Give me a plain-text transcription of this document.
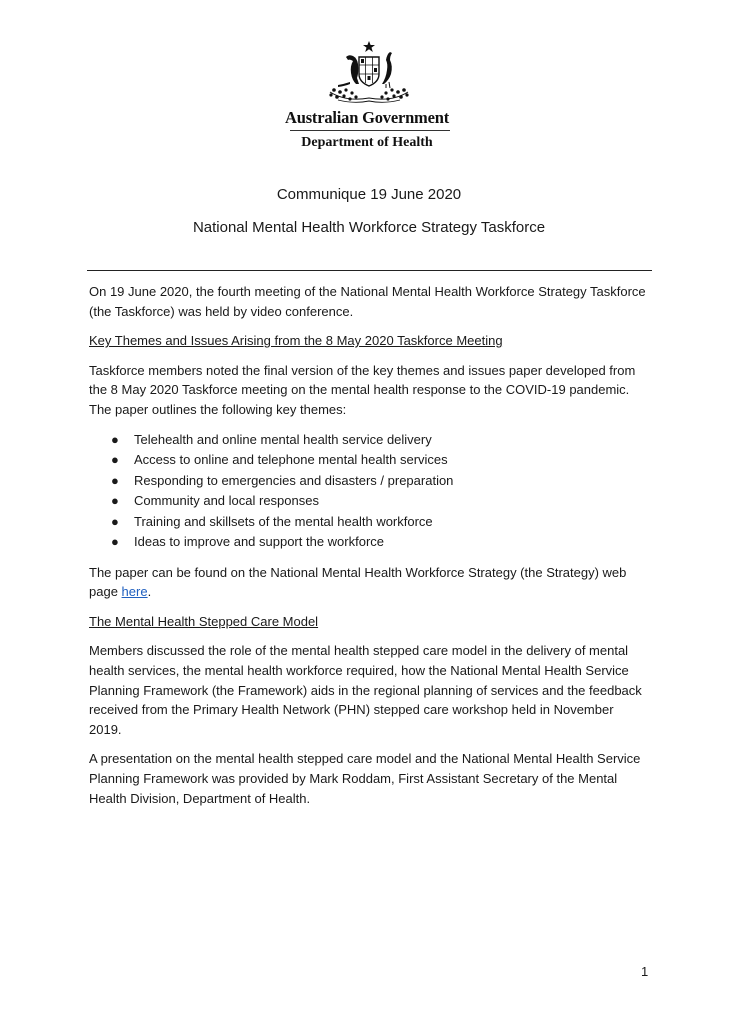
Australian Government
Department of Health
Communique 19 June 2020
National Mental Health Workforce Strategy Taskforce

On 19 June 2020, the fourth meeting of the National Mental Health Workforce Strategy Taskforce (the Taskforce) was held by video conference.

Key Themes and Issues Arising from the 8 May 2020 Taskforce Meeting

Taskforce members noted the final version of the key themes and issues paper developed from the 8 May 2020 Taskforce meeting on the mental health response to the COVID-19 pandemic. The paper outlines the following key themes:

● Telehealth and online mental health service delivery
● Access to online and telephone mental health services
● Responding to emergencies and disasters / preparation
● Community and local responses
● Training and skillsets of the mental health workforce
● Ideas to improve and support the workforce

The paper can be found on the National Mental Health Workforce Strategy (the Strategy) web page here.

The Mental Health Stepped Care Model

Members discussed the role of the mental health stepped care model in the delivery of mental health services, the mental health workforce required, how the National Mental Health Service Planning Framework (the Framework) aids in the regional planning of services and the feedback received from the Primary Health Network (PHN) stepped care workshop held in November 2019.

A presentation on the mental health stepped care model and the National Mental Health Service Planning Framework was provided by Mark Roddam, First Assistant Secretary of the Mental Health Division, Department of Health.

1
